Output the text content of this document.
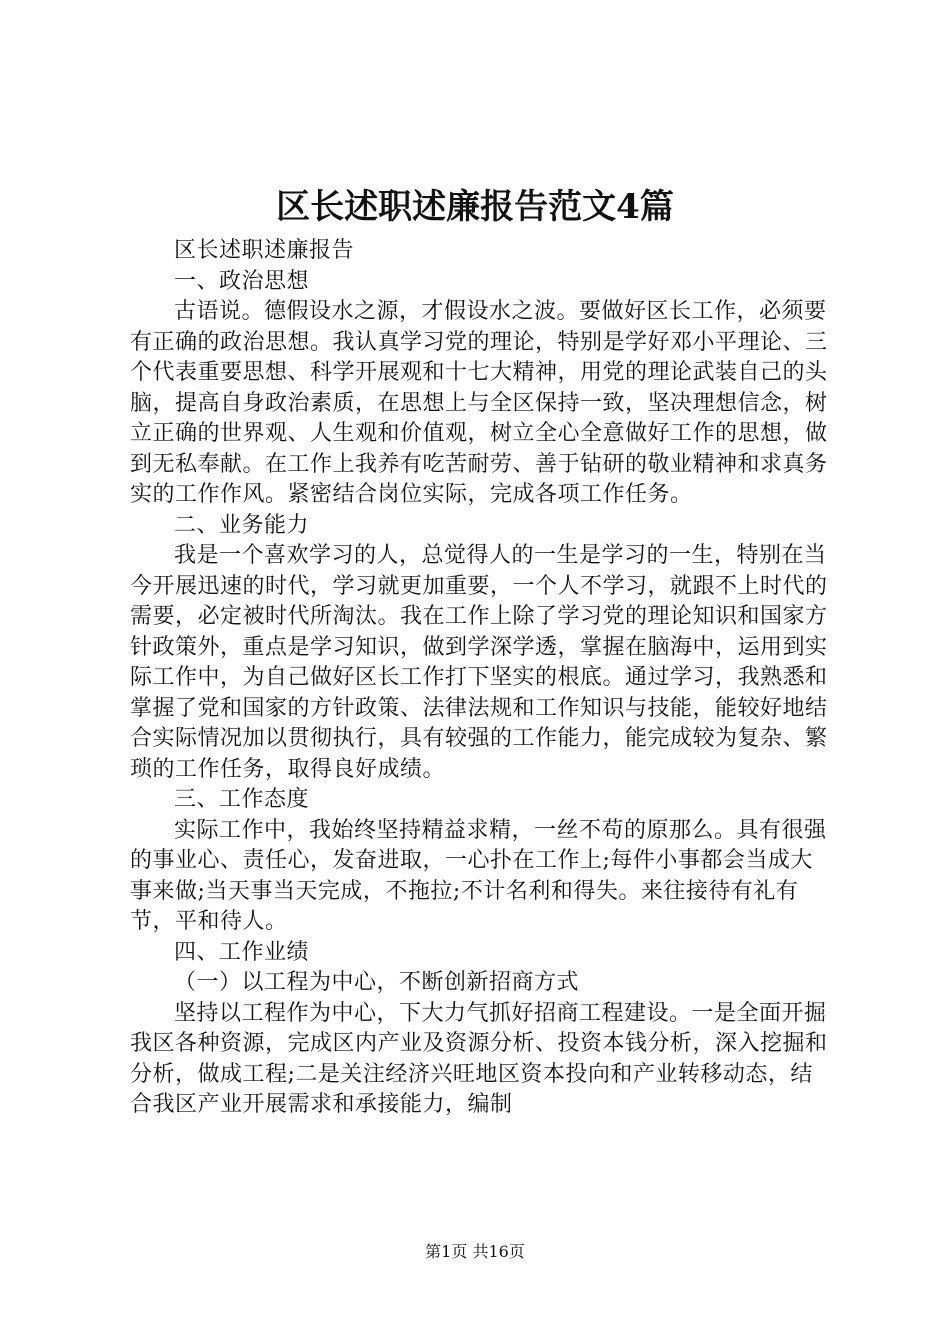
区长述职述廉报告范文4篇

区长述职述廉报告

一、政治思想

古语说。德假设水之源，才假设水之波。要做好区长工作，必须要有正确的政治思想。我认真学习党的理论，特别是学好邓小平理论、三个代表重要思想、科学开展观和十七大精神，用党的理论武装自己的头脑，提高自身政治素质，在思想上与全区保持一致，坚决理想信念，树立正确的世界观、人生观和价值观，树立全心全意做好工作的思想，做到无私奉献。在工作上我养有吃苦耐劳、善于钻研的敬业精神和求真务实的工作作风。紧密结合岗位实际，完成各项工作任务。

二、业务能力

我是一个喜欢学习的人，总觉得人的一生是学习的一生，特别在当今开展迅速的时代，学习就更加重要，一个人不学习，就跟不上时代的需要，必定被时代所淘汰。我在工作上除了学习党的理论知识和国家方针政策外，重点是学习知识，做到学深学透，掌握在脑海中，运用到实际工作中，为自己做好区长工作打下坚实的根底。通过学习，我熟悉和掌握了党和国家的方针政策、法律法规和工作知识与技能，能较好地结合实际情况加以贯彻执行，具有较强的工作能力，能完成较为复杂、繁琐的工作任务，取得良好成绩。

三、工作态度

实际工作中，我始终坚持精益求精，一丝不苟的原那么。具有很强的事业心、责任心，发奋进取，一心扑在工作上;每件小事都会当成大事来做;当天事当天完成，不拖拉;不计名利和得失。来往接待有礼有节，平和待人。

四、工作业绩

（一）以工程为中心，不断创新招商方式

坚持以工程作为中心，下大力气抓好招商工程建设。一是全面开掘我区各种资源，完成区内产业及资源分析、投资本钱分析，深入挖掘和分析，做成工程;二是关注经济兴旺地区资本投向和产业转移动态，结合我区产业开展需求和承接能力，编制

第1页 共16页
